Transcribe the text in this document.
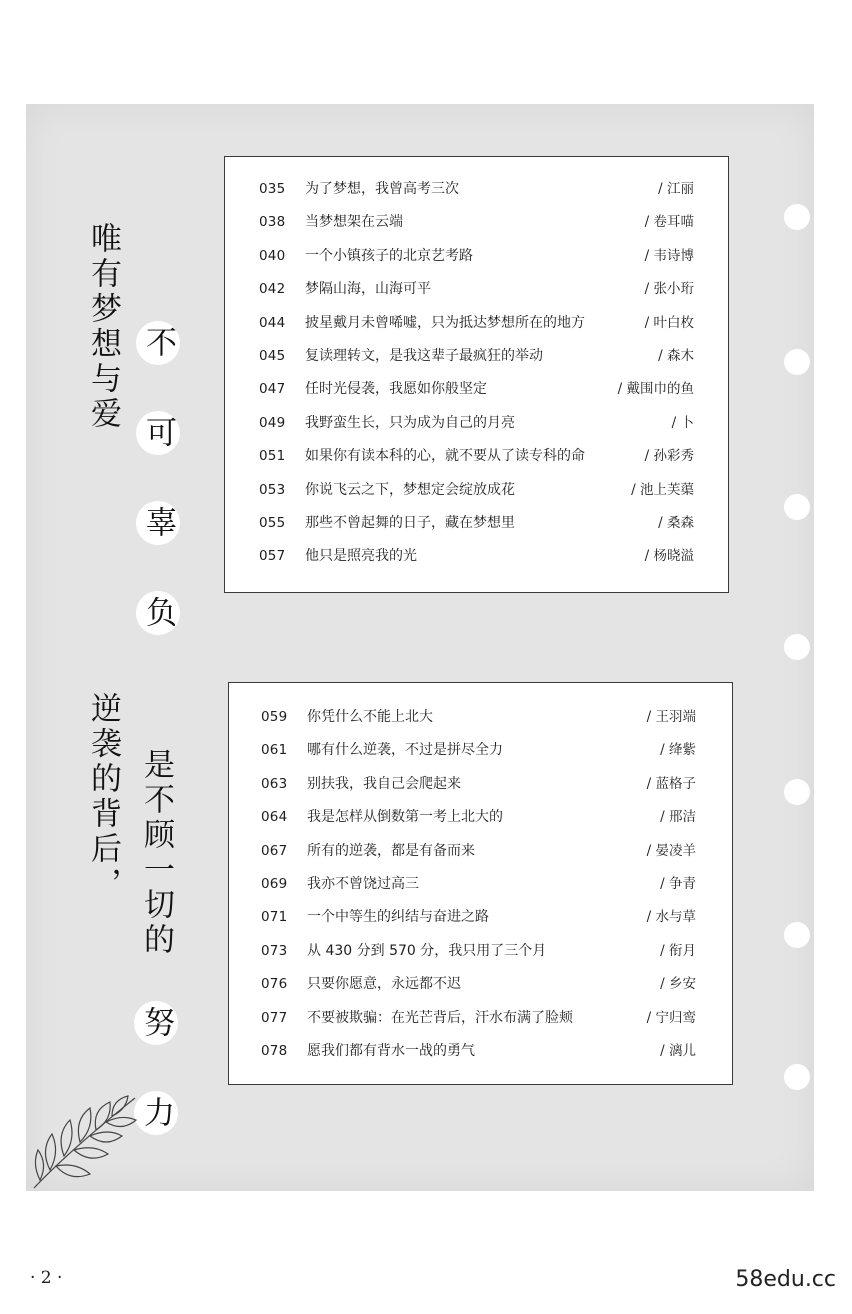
唯有梦想与爱 不 可 辜 负
035	为了梦想，我曾高考三次	/ 江丽
038	当梦想架在云端	/ 卷耳喵
040	一个小镇孩子的北京艺考路	/ 韦诗博
042	梦隔山海，山海可平	/ 张小珩
044	披星戴月未曾唏嘘，只为抵达梦想所在的地方	/ 叶白枚
045	复读理转文，是我这辈子最疯狂的举动	/ 森木
047	任时光侵袭，我愿如你般坚定	/ 戴围巾的鱼
049	我野蛮生长，只为成为自己的月亮	/ 卜
051	如果你有读本科的心，就不要从了读专科的命	/ 孙彩秀
053	你说飞云之下，梦想定会绽放成花	/ 池上芙蕖
055	那些不曾起舞的日子，藏在梦想里	/ 桑森
057	他只是照亮我的光	/ 杨晓溢
逆袭的背后， 是不顾一切的 努 力
059	你凭什么不能上北大	/ 王羽端
061	哪有什么逆袭，不过是拼尽全力	/ 绛紫
063	别扶我，我自己会爬起来	/ 蓝格子
064	我是怎样从倒数第一考上北大的	/ 邢洁
067	所有的逆袭，都是有备而来	/ 晏凌羊
069	我亦不曾饶过高三	/ 争青
071	一个中等生的纠结与奋进之路	/ 水与草
073	从 430 分到 570 分，我只用了三个月	/ 衔月
076	只要你愿意，永远都不迟	/ 乡安
077	不要被欺骗：在光芒背后，汗水布满了脸颊	/ 宁归鸾
078	愿我们都有背水一战的勇气	/ 漓儿
· 2 ·	58edu.cc
